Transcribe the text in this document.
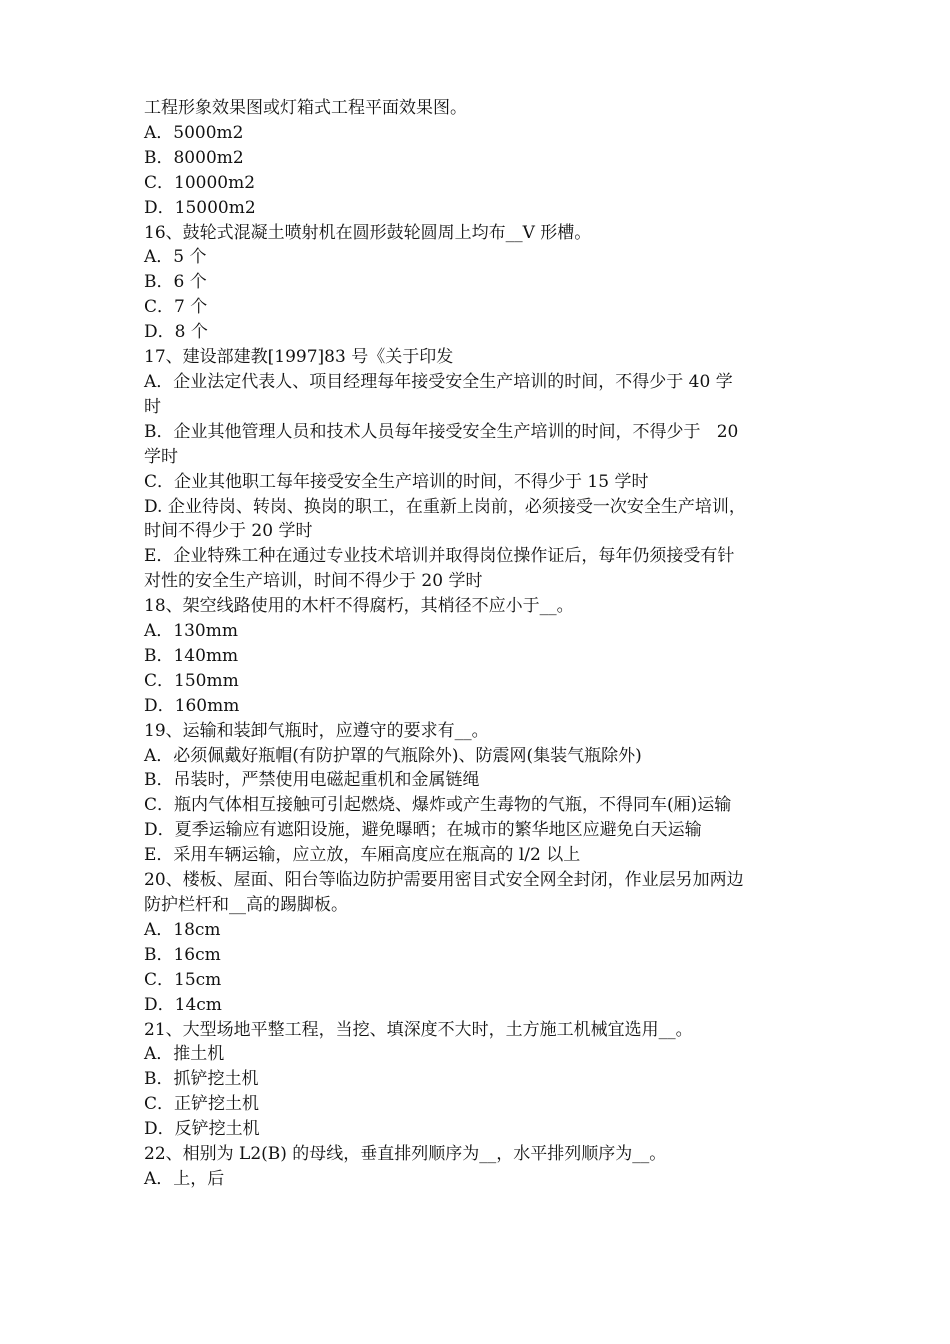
工程形象效果图或灯箱式工程平面效果图。

A．5000m2

B．8000m2

C．10000m2

D．15000m2

16、鼓轮式混凝土喷射机在圆形鼓轮圆周上均布__V 形槽。

A．5 个

B．6 个

C．7 个

D．8 个

17、建设部建教[1997]83 号《关于印发

A．企业法定代表人、项目经理每年接受安全生产培训的时间，不得少于 40 学

时

B．企业其他管理人员和技术人员每年接受安全生产培训的时间，不得少于   20

学时

C．企业其他职工每年接受安全生产培训的时间，不得少于 15 学时

D. 企业待岗、转岗、换岗的职工，在重新上岗前，必须接受一次安全生产培训，

时间不得少于 20 学时

E．企业特殊工种在通过专业技术培训并取得岗位操作证后，每年仍须接受有针

对性的安全生产培训，时间不得少于 20 学时

18、架空线路使用的木杆不得腐朽，其梢径不应小于__。

A．130mm

B．140mm

C．150mm

D．160mm

19、运输和装卸气瓶时，应遵守的要求有__。

A．必须佩戴好瓶帽(有防护罩的气瓶除外)、防震网(集装气瓶除外)

B．吊装时，严禁使用电磁起重机和金属链绳

C．瓶内气体相互接触可引起燃烧、爆炸或产生毒物的气瓶，不得同车(厢)运输

D．夏季运输应有遮阳设施，避免曝晒；在城市的繁华地区应避免白天运输

E．采用车辆运输，应立放，车厢高度应在瓶高的 l/2 以上

20、楼板、屋面、阳台等临边防护需要用密目式安全网全封闭，作业层另加两边

防护栏杆和__高的踢脚板。

A．18cm

B．16cm

C．15cm

D．14cm

21、大型场地平整工程，当挖、填深度不大时，土方施工机械宜选用__。

A．推土机

B．抓铲挖土机

C．正铲挖土机

D．反铲挖土机

22、相别为 L2(B) 的母线，垂直排列顺序为__，水平排列顺序为__。

A．上，后
